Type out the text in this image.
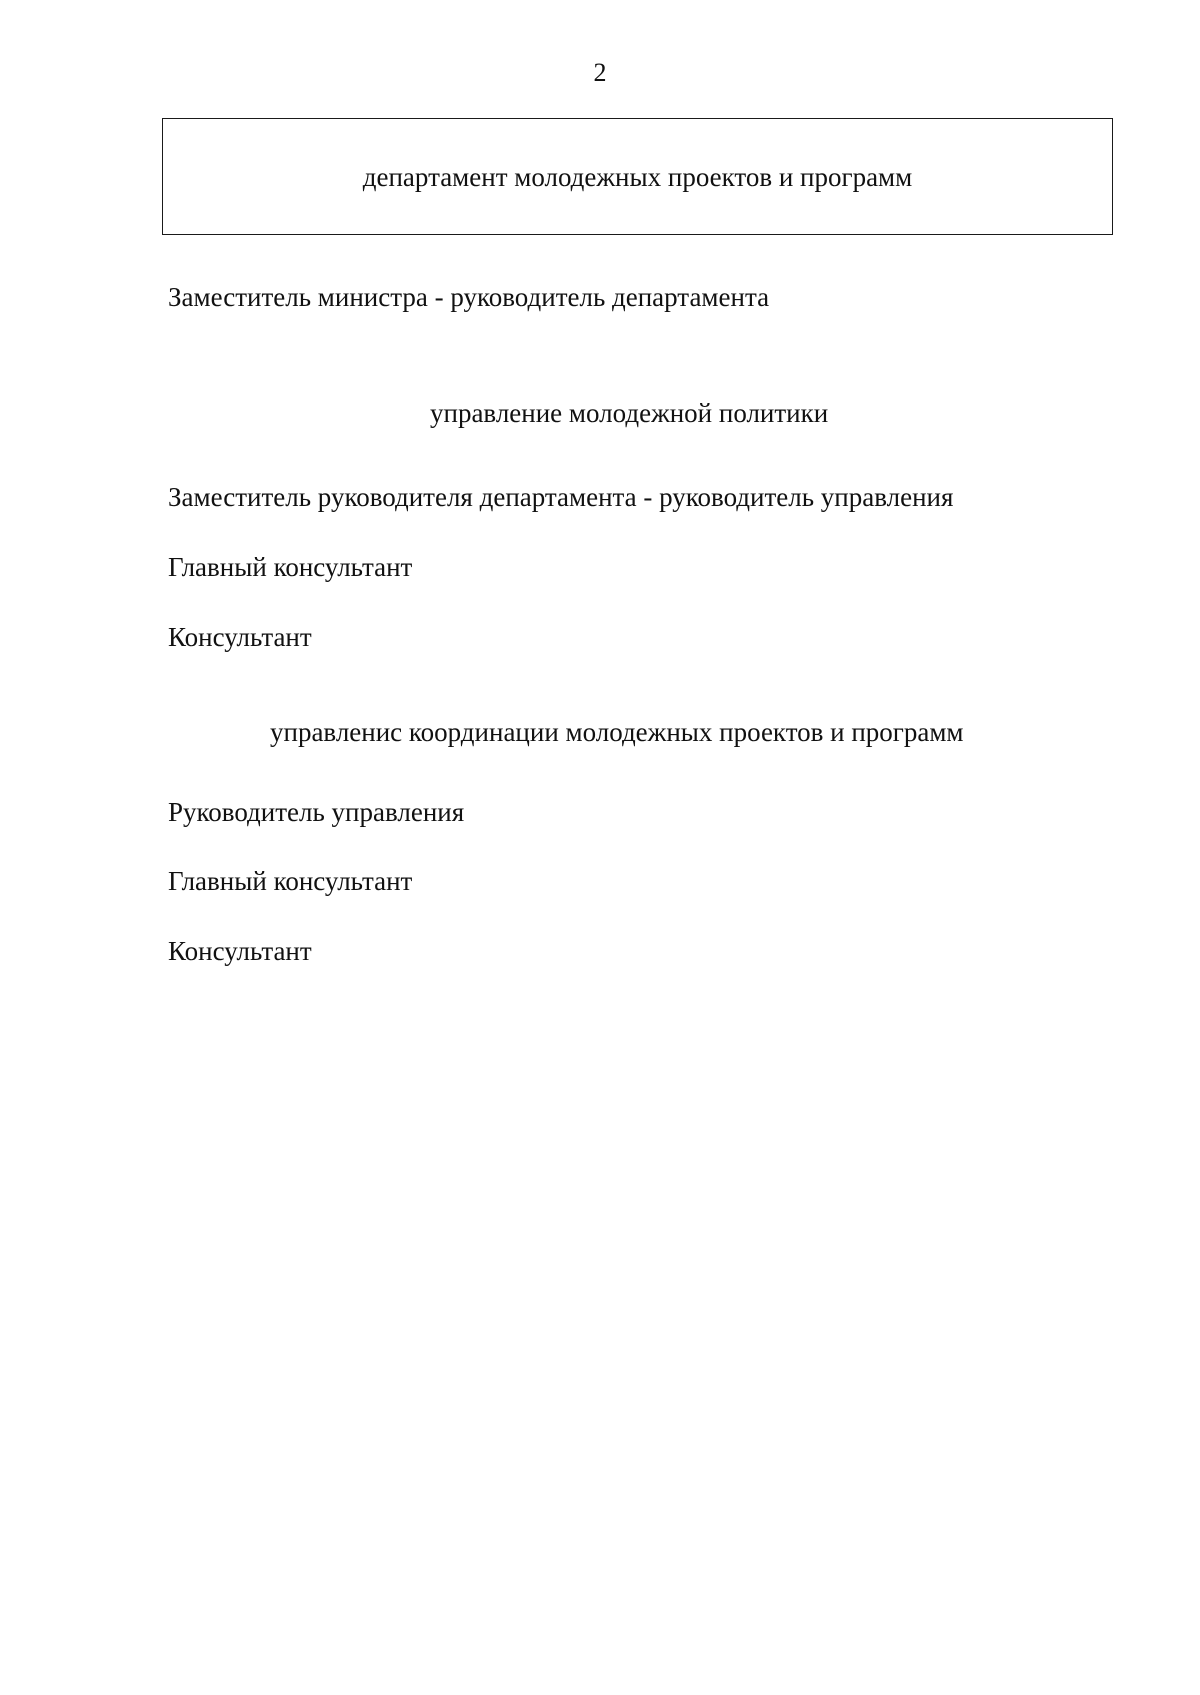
2
департамент молодежных проектов и программ
Заместитель министра - руководитель департамента
управление молодежной политики
Заместитель руководителя департамента - руководитель управления
Главный консультант
Консультант
управленис координации молодежных проектов и программ
Руководитель управления
Главный консультант
Консультант
